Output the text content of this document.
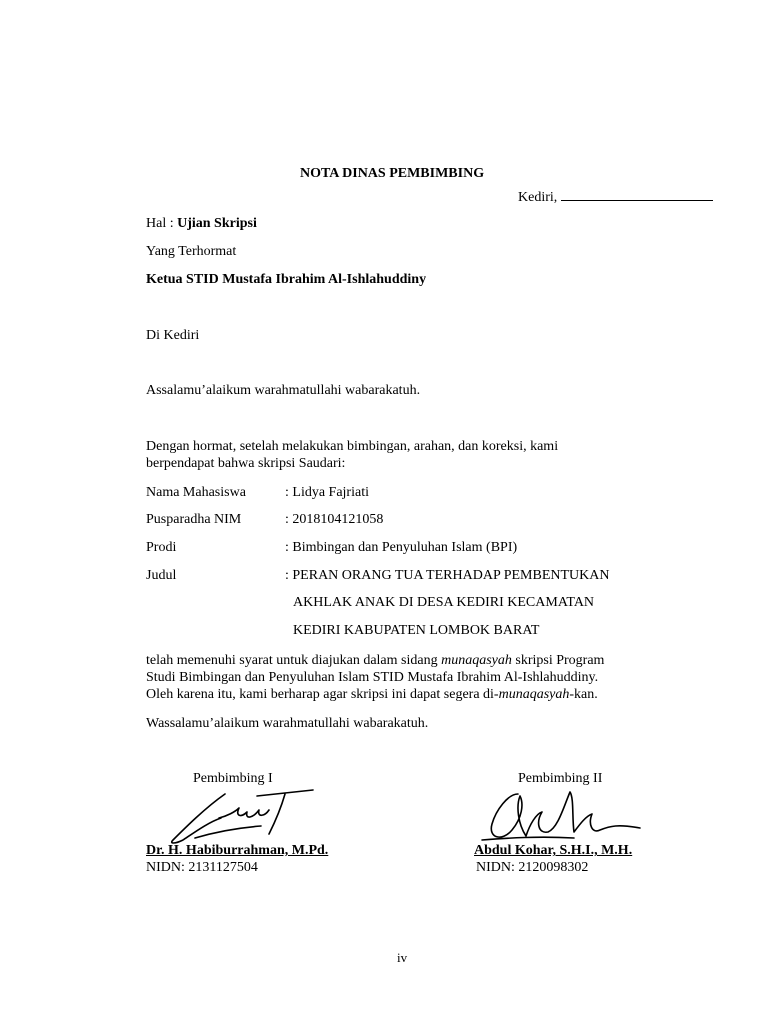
NOTA DINAS PEMBIMBING
Kediri,
Hal : Ujian Skripsi
Yang Terhormat
Ketua STID Mustafa Ibrahim Al-Ishlahuddiny
Di Kediri
Assalamu’alaikum warahmatullahi wabarakatuh.
Dengan hormat, setelah melakukan bimbingan, arahan, dan koreksi, kami
berpendapat bahwa skripsi Saudari:
Nama Mahasiswa	: Lidya Fajriati
Pusparadha NIM	: 2018104121058
Prodi	: Bimbingan dan Penyuluhan Islam (BPI)
Judul	: PERAN ORANG TUA TERHADAP PEMBENTUKAN
AKHLAK ANAK DI DESA KEDIRI KECAMATAN
KEDIRI KABUPATEN LOMBOK BARAT
telah memenuhi syarat untuk diajukan dalam sidang munaqasyah skripsi Program
Studi Bimbingan dan Penyuluhan Islam STID Mustafa Ibrahim Al-Ishlahuddiny.
Oleh karena itu, kami berharap agar skripsi ini dapat segera di-munaqasyah-kan.
Wassalamu’alaikum warahmatullahi wabarakatuh.
Pembimbing I	Pembimbing II
Dr. H. Habiburrahman, M.Pd.	Abdul Kohar, S.H.I., M.H.
NIDN: 2131127504	NIDN: 2120098302
iv
